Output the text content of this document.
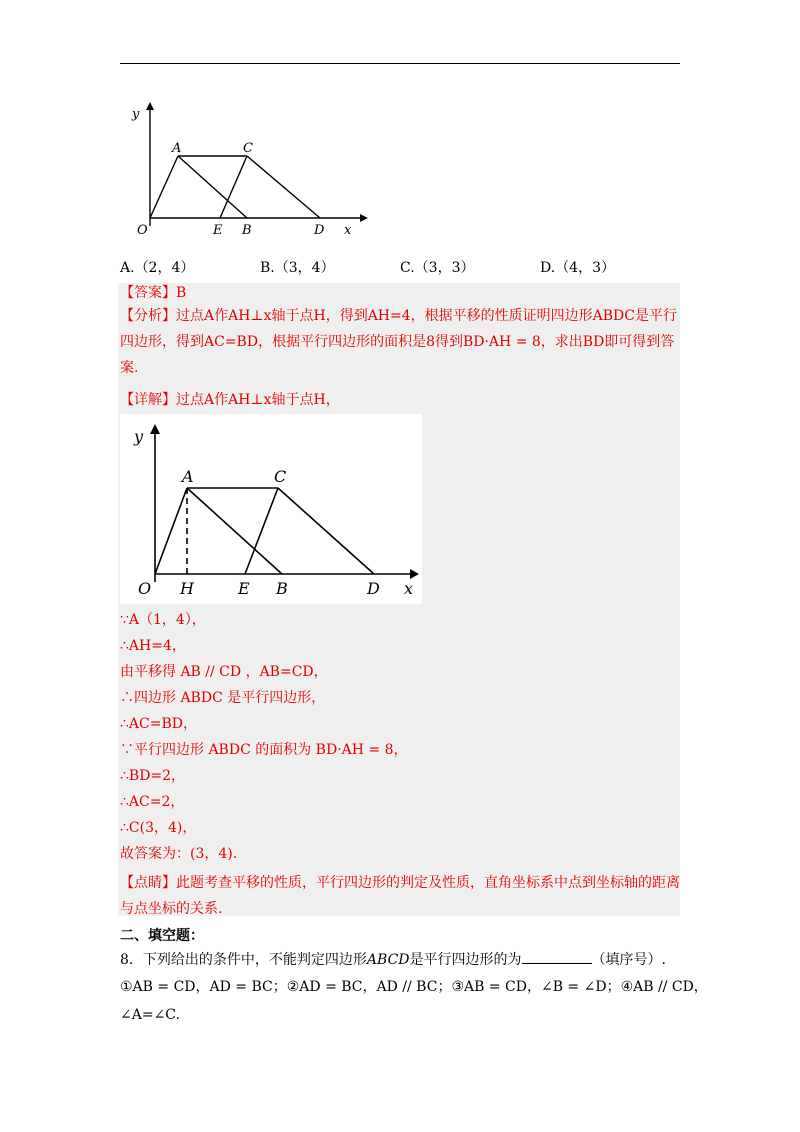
y
x
O
A	C
E B	D
A.（2，4）	B.（3，4）	C.（3，3）	D.（4，3）
【答案】B
【分析】过点A作AH⊥x轴于点H，得到AH=4，根据平移的性质证明四边形ABDC是平行四边形，得到AC=BD，根据平行四边形的面积是8得到BD·AH = 8，求出BD即可得到答案.
【详解】过点A作AH⊥x轴于点H，
y
x
O H
A	C
E B	D
∵A（1，4），
∴AH=4，
由平移得 AB // CD ，AB=CD，
∴四边形 ABDC 是平行四边形，
∴AC=BD，
∵平行四边形 ABDC 的面积为 BD·AH = 8，
∴BD=2，
∴AC=2，
∴C(3，4)，
故答案为：(3，4).
【点睛】此题考查平移的性质，平行四边形的判定及性质，直角坐标系中点到坐标轴的距离与点坐标的关系.
二、填空题：
8．下列给出的条件中，不能判定四边形ABCD是平行四边形的为	（填序号）.
①AB = CD，AD = BC；②AD = BC，AD // BC；③AB = CD，∠B = ∠D；④AB // CD，
∠A=∠C.
